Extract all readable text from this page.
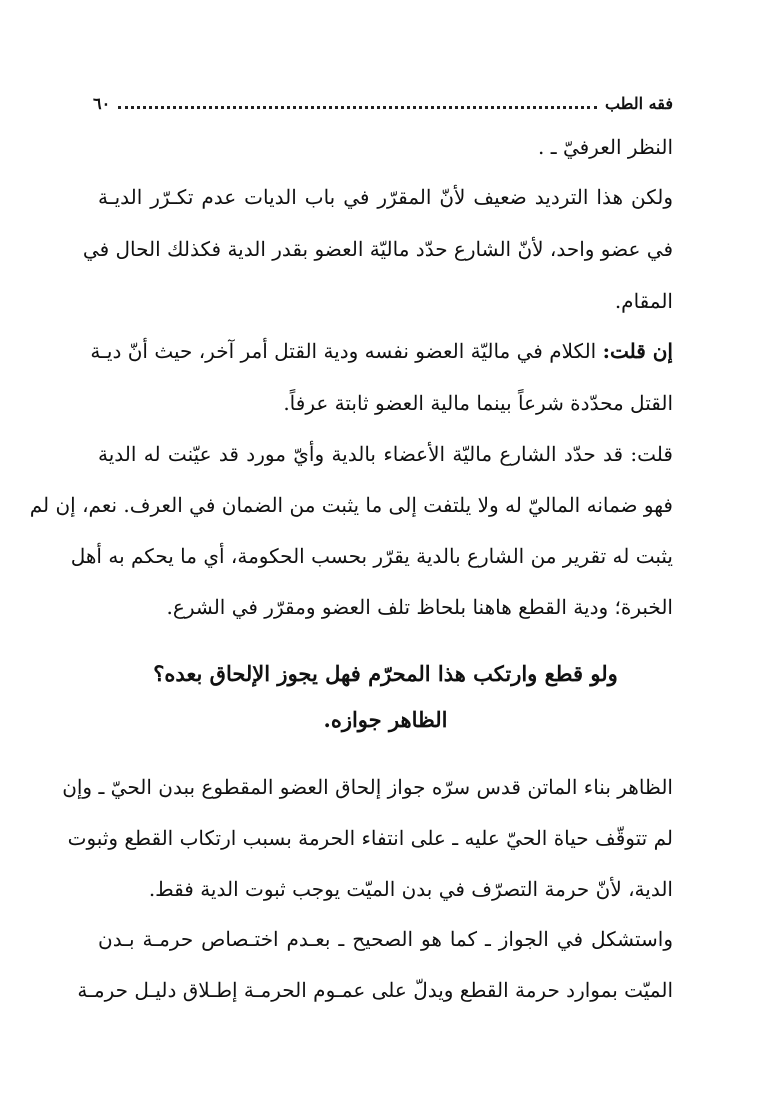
٦٠	فقه الطب
النظر العرفيّ ـ .
ولكن هذا الترديد ضعيف لأنّ المقرّر في باب الديات عدم تكـرّر الديـة
في عضو واحد، لأنّ الشارع حدّد ماليّة العضو بقدر الدية فكذلك الحال في
المقام.
إن قلت: الكلام في ماليّة العضو نفسه ودية القتل أمر آخر، حيث أنّ ديـة
القتل محدّدة شرعاً بينما مالية العضو ثابتة عرفاً.
قلت: قد حدّد الشارع ماليّة الأعضاء بالدية وأيّ مورد قد عيّنت له الدية
فهو ضمانه الماليّ له ولا يلتفت إلى ما يثبت من الضمان في العرف. نعم، إن لم
يثبت له تقرير من الشارع بالدية يقرّر بحسب الحكومة، أي ما يحكم به أهل
الخبرة؛ ودية القطع هاهنا بلحاظ تلف العضو ومقرّر في الشرع.
ولو قطع وارتكب هذا المحرّم فهل يجوز الإلحاق بعده؟
الظاهر جوازه.
الظاهر بناء الماتن قدس سرّه جواز إلحاق العضو المقطوع ببدن الحيّ ـ وإن
لم تتوقّف حياة الحيّ عليه ـ على انتفاء الحرمة بسبب ارتكاب القطع وثبوت
الدية، لأنّ حرمة التصرّف في بدن الميّت يوجب ثبوت الدية فقط.
واستشكل في الجواز ـ كما هو الصحيح ـ بعـدم اختـصاص حرمـة بـدن
الميّت بموارد حرمة القطع ويدلّ على عمـوم الحرمـة إطـلاق دليـل حرمـة
